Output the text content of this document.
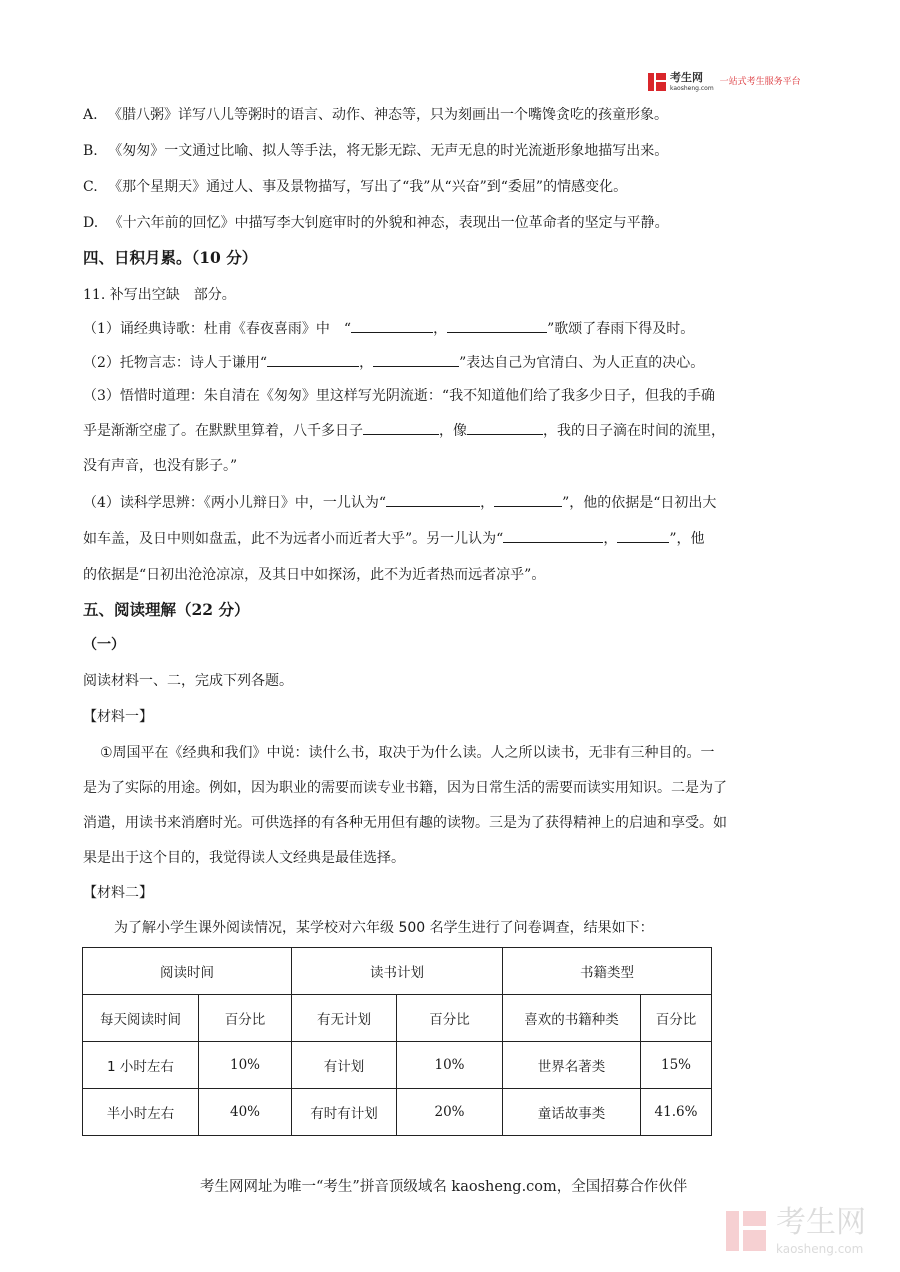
考生网
kaosheng.com
一站式考生服务平台
A. 《腊八粥》详写八儿等粥时的语言、动作、神态等，只为刻画出一个嘴馋贪吃的孩童形象。
B. 《匆匆》一文通过比喻、拟人等手法，将无影无踪、无声无息的时光流逝形象地描写出来。
C. 《那个星期天》通过人、事及景物描写，写出了“我”从“兴奋”到“委屈”的情感变化。
D. 《十六年前的回忆》中描写李大钊庭审时的外貌和神态，表现出一位革命者的坚定与平静。
四、日积月累。（10 分）
11. 补写出空缺　部分。
（1）诵经典诗歌：杜甫《春夜喜雨》中　“	，	”歌颂了春雨下得及时。
（2）托物言志：诗人于谦用“	，	”表达自己为官清白、为人正直的决心。
（3）悟惜时道理：朱自清在《匆匆》里这样写光阴流逝：“我不知道他们给了我多少日子，但我的手确
乎是渐渐空虚了。在默默里算着，八千多日子	，像	，我的日子滴在时间的流里，
没有声音，也没有影子。”
（4）读科学思辨：《两小儿辩日》中，一儿认为“	，	”，他的依据是“日初出大
如车盖，及日中则如盘盂，此不为远者小而近者大乎”。另一儿认为“	，	”，他
的依据是“日初出沧沧凉凉，及其日中如探汤，此不为近者热而远者凉乎”。
五、阅读理解（22 分）
（一）
阅读材料一、二，完成下列各题。
【材料一】
①周国平在《经典和我们》中说：读什么书，取决于为什么读。人之所以读书，无非有三种目的。一
是为了实际的用途。例如，因为职业的需要而读专业书籍，因为日常生活的需要而读实用知识。二是为了
消遣，用读书来消磨时光。可供选择的有各种无用但有趣的读物。三是为了获得精神上的启迪和享受。如
果是出于这个目的，我觉得读人文经典是最佳选择。
【材料二】
为了解小学生课外阅读情况，某学校对六年级 500 名学生进行了问卷调查，结果如下：
阅读时间		读书计划		书籍类型	
每天阅读时间	百分比	有无计划	百分比	喜欢的书籍种类	百分比
1 小时左右	10%	有计划	10%	世界名著类	15%
半小时左右	40%	有时有计划	20%	童话故事类	41.6%
考生网网址为唯一“考生”拼音顶级域名 kaosheng.com，全国招募合作伙伴
考生网
kaosheng.com
